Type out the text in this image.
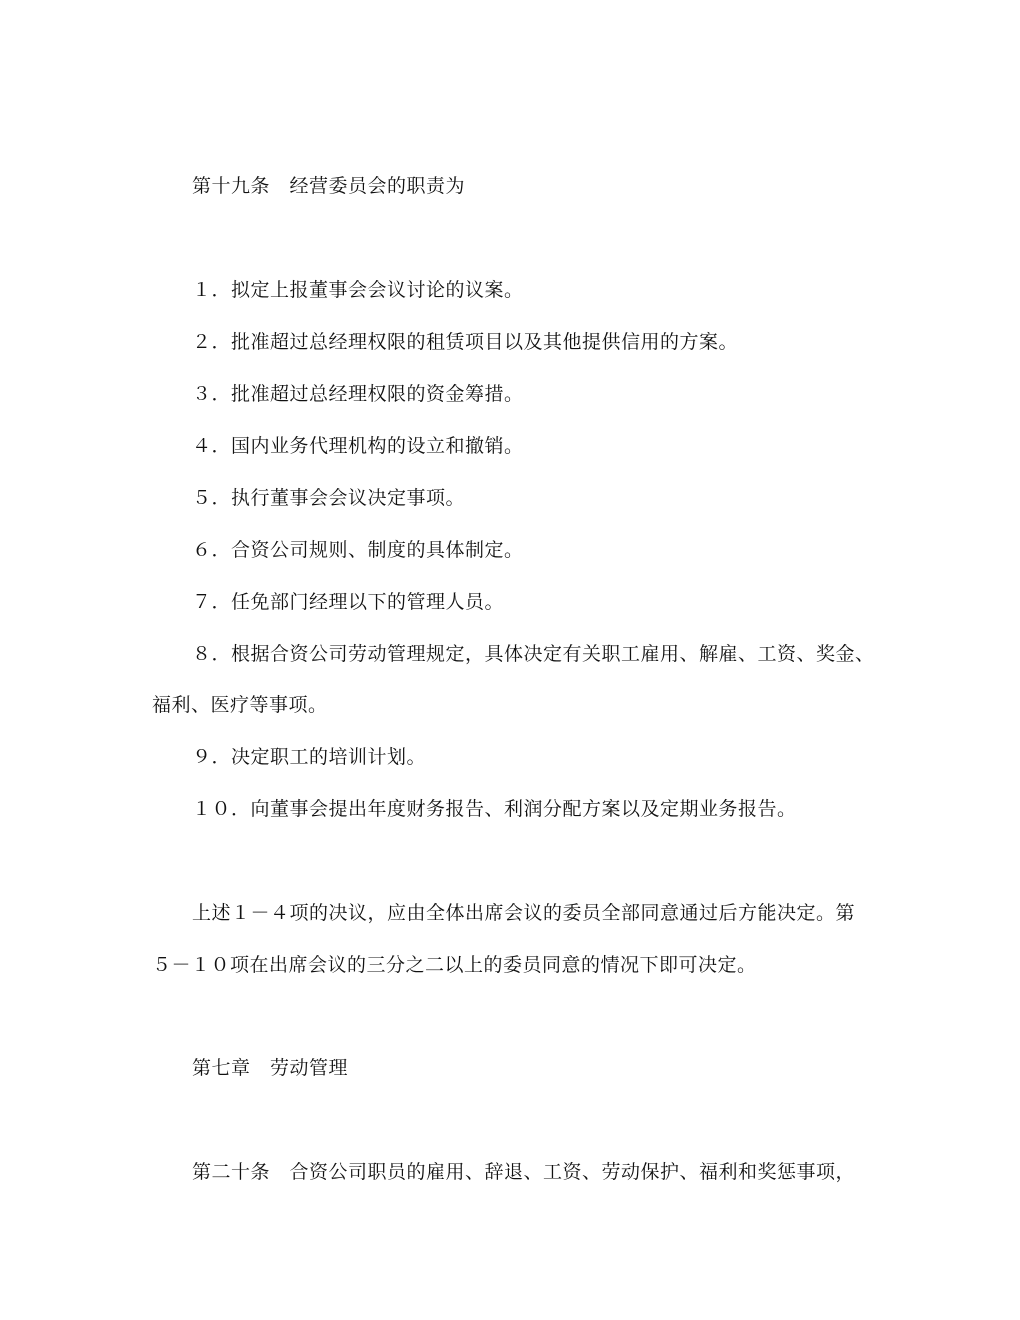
第十九条　经营委员会的职责为
１．拟定上报董事会会议讨论的议案。
２．批准超过总经理权限的租赁项目以及其他提供信用的方案。
３．批准超过总经理权限的资金筹措。
４．国内业务代理机构的设立和撤销。
５．执行董事会会议决定事项。
６．合资公司规则、制度的具体制定。
７．任免部门经理以下的管理人员。
８．根据合资公司劳动管理规定，具体决定有关职工雇用、解雇、工资、奖金、
福利、医疗等事项。
９．决定职工的培训计划。
１０．向董事会提出年度财务报告、利润分配方案以及定期业务报告。
上述１－４项的决议，应由全体出席会议的委员全部同意通过后方能决定。第
５－１０项在出席会议的三分之二以上的委员同意的情况下即可决定。
第七章　劳动管理
第二十条　合资公司职员的雇用、辞退、工资、劳动保护、福利和奖惩事项，
